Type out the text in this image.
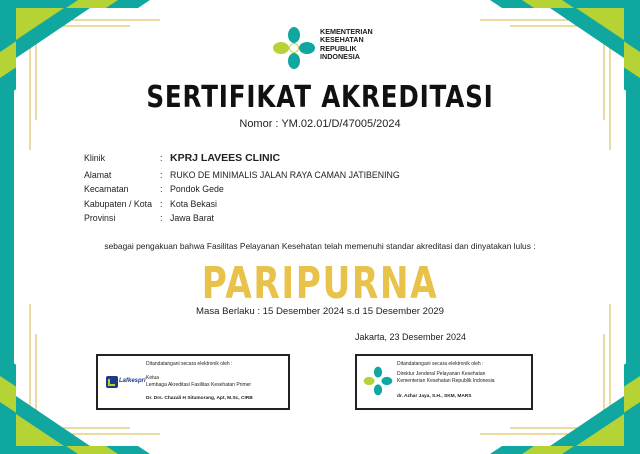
KEMENTERIAN
KESEHATAN
REPUBLIK
INDONESIA
SERTIFIKAT AKREDITASI
Nomor : YM.02.01/D/47005/2024
Klinik	: KPRJ LAVEES CLINIC
Alamat	: RUKO DE MINIMALIS JALAN RAYA CAMAN JATIBENING
Kecamatan	: Pondok Gede
Kabupaten / Kota : Kota Bekasi
Provinsi	: Jawa Barat
sebagai pengakuan bahwa Fasilitas Pelayanan Kesehatan telah memenuhi standar akreditasi dan dinyatakan lulus :
PARIPURNA
Masa Berlaku : 15 Desember 2024 s.d 15 Desember 2029
Jakarta, 23 Desember 2024
Ditandatangani secara elektronik oleh :
Lafkespri Ketua
Lembaga Akreditasi Fasilitas Kesehatan Primer
Dr. Drs. Chazali H Situmorang, Apt, M.Sc, CIRB
Ditandatangani secara elektronik oleh :
Direktur Jenderal Pelayanan Kesehatan
Kementerian Kesehatan Republik Indonesia
dr. Azhar Jaya, S.H., SKM, MARS
